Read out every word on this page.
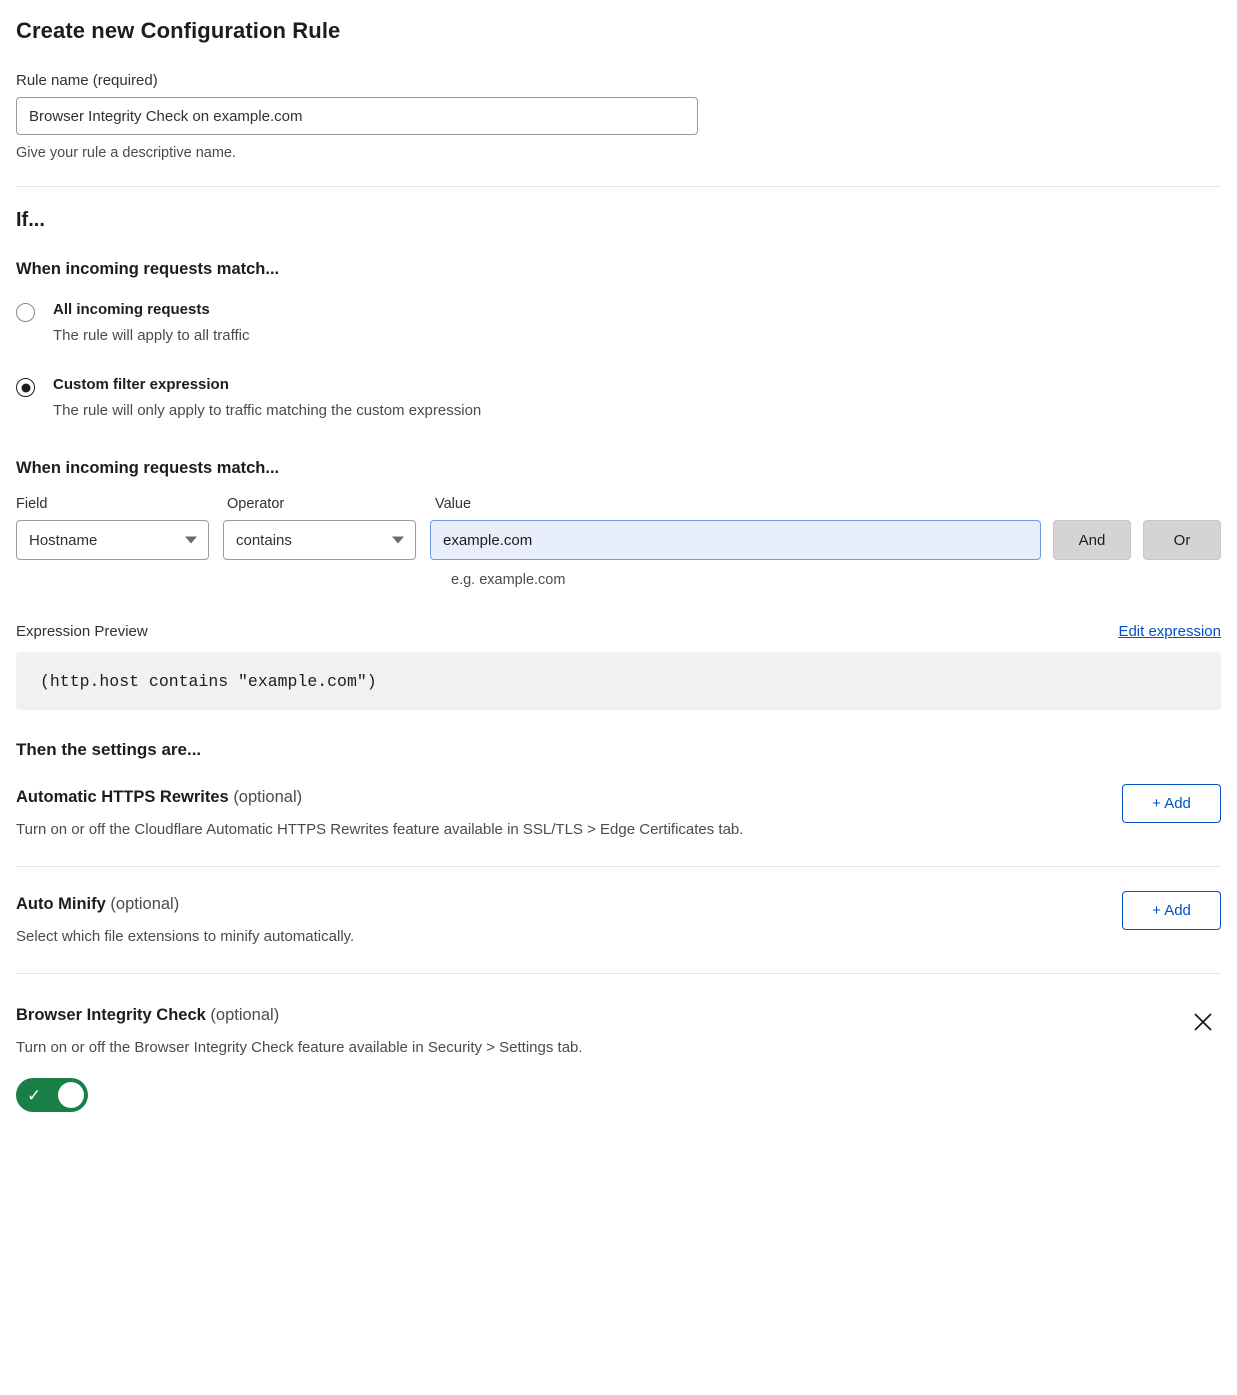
Create new Configuration Rule
Rule name (required)
Browser Integrity Check on example.com
Give your rule a descriptive name.
If...
When incoming requests match...
All incoming requests
The rule will apply to all traffic
Custom filter expression
The rule will only apply to traffic matching the custom expression
When incoming requests match...
Field	Operator	Value
Hostname	contains	example.com	And	Or
e.g. example.com
Expression Preview	Edit expression
(http.host contains "example.com")
Then the settings are...
Automatic HTTPS Rewrites (optional)
Turn on or off the Cloudflare Automatic HTTPS Rewrites feature available in SSL/TLS > Edge Certificates tab.
+ Add
Auto Minify (optional)
Select which file extensions to minify automatically.
+ Add
Browser Integrity Check (optional)
Turn on or off the Browser Integrity Check feature available in Security > Settings tab.
✓
